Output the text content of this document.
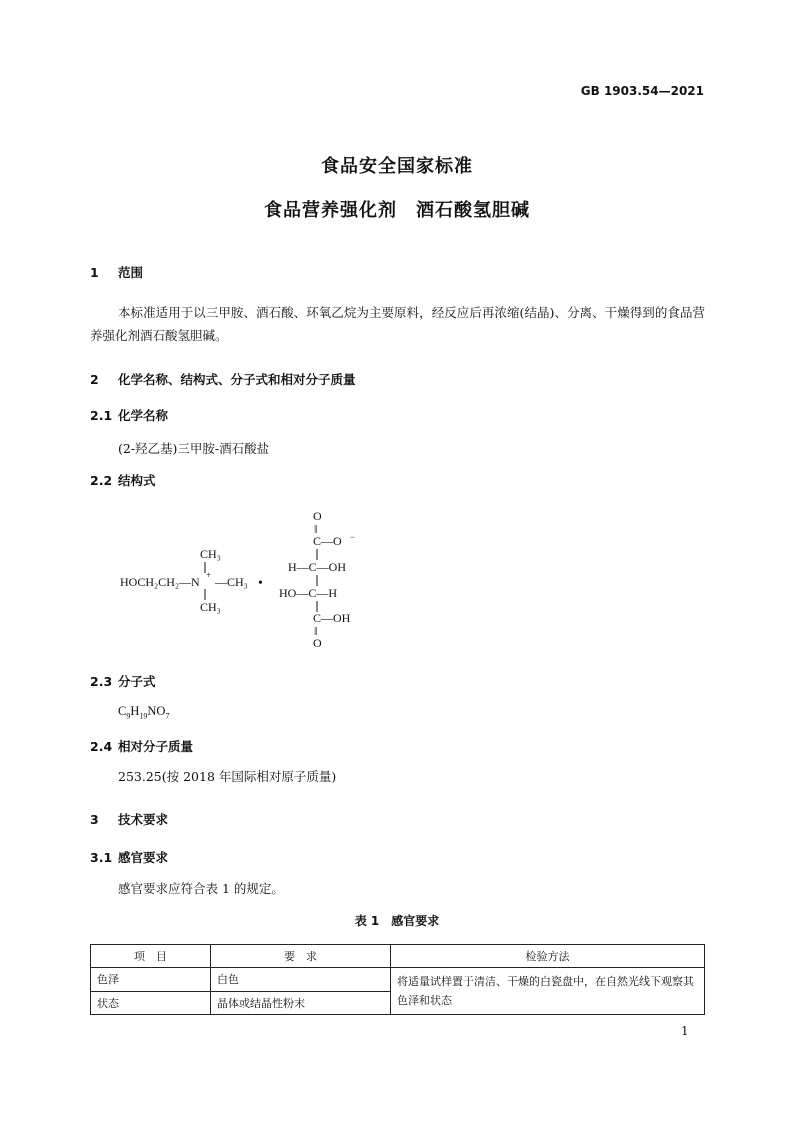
GB 1903.54—2021
食品安全国家标准
食品营养强化剂　酒石酸氢胆碱
1 范围
本标准适用于以三甲胺、酒石酸、环氧乙烷为主要原料，经反应后再浓缩(结晶)、分离、干燥得到的食品营养强化剂酒石酸氢胆碱。
2 化学名称、结构式、分子式和相对分子质量
2.1 化学名称
(2-羟乙基)三甲胺-酒石酸盐
2.2 结构式
CH₃
HOCH₂CH₂—N + —CH₃
CH₃
•
O
‖
C—O −
H—C—OH
HO—C—H
C—OH
‖
O
2.3 分子式
$C_9H_{19}NO_7$
2.4 相对分子质量
253.25(按 2018 年国际相对原子质量)
3 技术要求
3.1 感官要求
感官要求应符合表 1 的规定。
表 1　感官要求
项　目	要　求	检验方法
色泽	白色	将适量试样置于清洁、干燥的白瓷盘中，在自然光线下观察其色泽和状态
状态	晶体或结晶性粉末	
1
